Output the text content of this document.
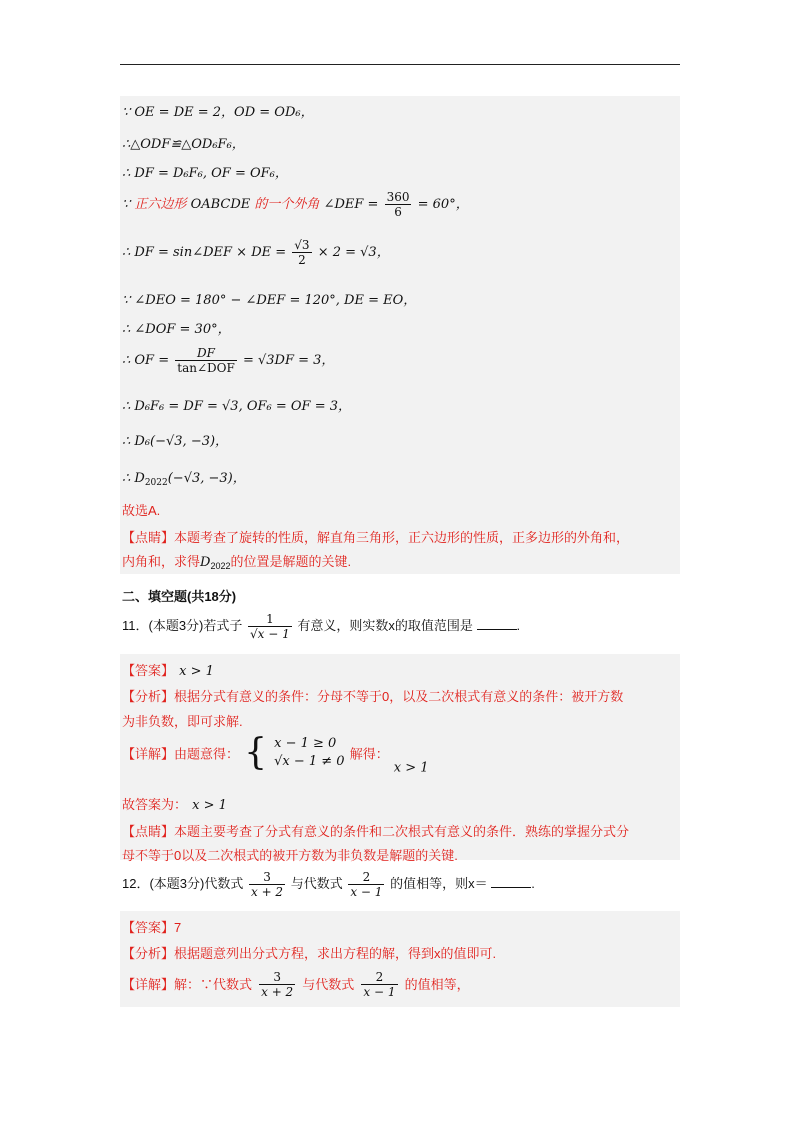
∵ OE = DE = 2，OD = OD₆，
∴△ODF≌△OD₆F₆，
∴ DF = D₆F₆, OF = OF₆，
∵ 正六边形 OABCDE 的一个外角 ∠DEF = $\frac{360}{6} = 60^\circ$，
∴ DF = sin∠DEF × DE = $\frac{√3}{2} \times 2 = √3$，
∵ ∠DEO = 180° − ∠DEF = 120°, DE = EO，
∴ ∠DOF = 30°，
∴ OF = $\frac{DF}{\text{tan∠DOF}} = √3DF = 3$，
∴ D₆F₆ = DF = √3, OF₆ = OF = 3，
∴ D₆(−√3, −3)，
∴ $D_{2022}(-√3$, −3)，
故选A.
【点睛】本题考查了旋转的性质，解直角三角形，正六边形的性质，正多边形的外角和，
内角和，求得$D_{2022}$的位置是解题的关键.
二、填空题(共18分)
11．(本题3分)若式子 $\frac{1}{√x - 1}$ 有意义，则实数x的取值范围是	.
【答案】 x > 1
【分析】根据分式有意义的条件：分母不等于0，以及二次根式有意义的条件：被开方数
为非负数，即可求解.
【详解】由题意得： { x − 1 ≥ 0
√x − 1 ≠ 0 解得： $_{x > 1}$
故答案为： x > 1
【点睛】本题主要考查了分式有意义的条件和二次根式有意义的条件．熟练的掌握分式分
母不等于0以及二次根式的被开方数为非负数是解题的关键.
12．(本题3分)代数式 $\frac{3}{x + 2}$ 与代数式 $\frac{2}{x - 1}$ 的值相等，则x＝	.
【答案】7
【分析】根据题意列出分式方程，求出方程的解，得到x的值即可.
【详解】解：∵代数式 $\frac{3}{x + 2}$ 与代数式 $\frac{2}{x - 1}$ 的值相等，
